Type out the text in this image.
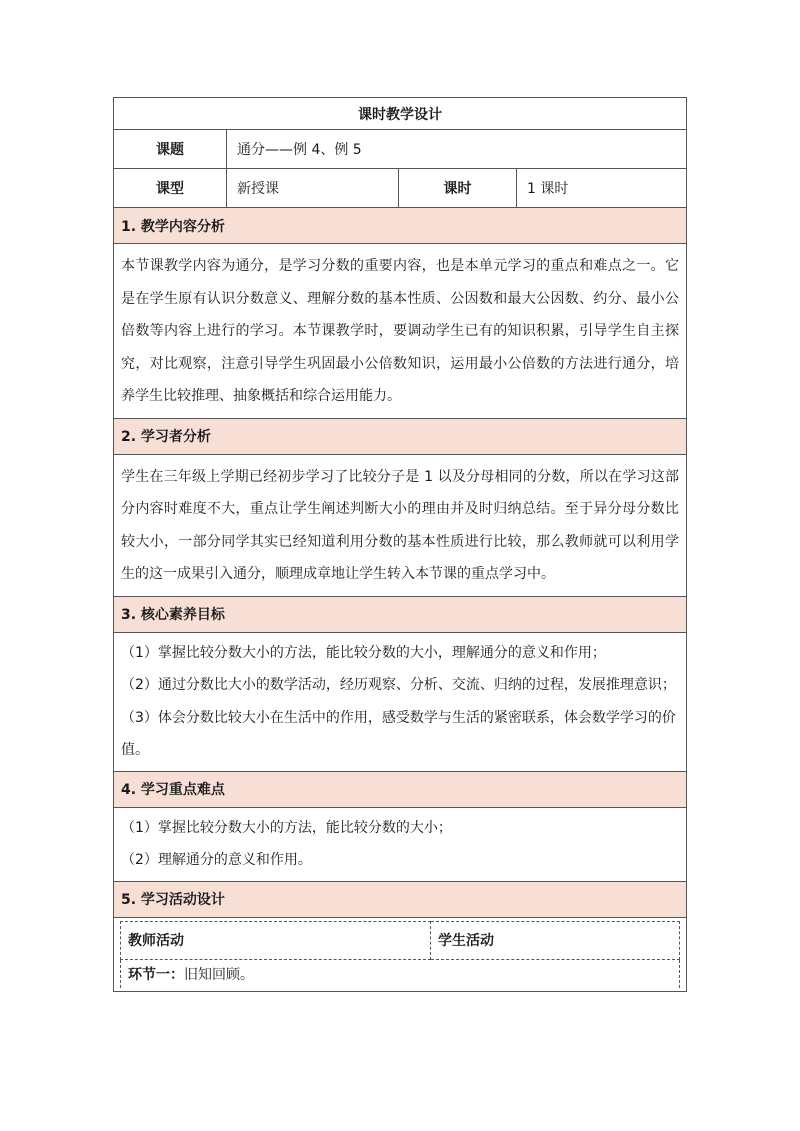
课时教学设计
课题	通分——例 4、例 5
课型	新授课	课时	1 课时
1. 教学内容分析

本节课教学内容为通分，是学习分数的重要内容，也是本单元学习的重点和难点之一。它是在学生原有认识分数意义、理解分数的基本性质、公因数和最大公因数、约分、最小公倍数等内容上进行的学习。本节课教学时，要调动学生已有的知识积累，引导学生自主探究，对比观察，注意引导学生巩固最小公倍数知识，运用最小公倍数的方法进行通分，培养学生比较推理、抽象概括和综合运用能力。

2. 学习者分析

学生在三年级上学期已经初步学习了比较分子是 1 以及分母相同的分数，所以在学习这部分内容时难度不大，重点让学生阐述判断大小的理由并及时归纳总结。至于异分母分数比较大小，一部分同学其实已经知道利用分数的基本性质进行比较，那么教师就可以利用学生的这一成果引入通分，顺理成章地让学生转入本节课的重点学习中。

3. 核心素养目标

（1）掌握比较分数大小的方法，能比较分数的大小，理解通分的意义和作用；

（2）通过分数比大小的数学活动，经历观察、分析、交流、归纳的过程，发展推理意识；

（3）体会分数比较大小在生活中的作用，感受数学与生活的紧密联系，体会数学学习的价值。

4. 学习重点难点

（1）掌握比较分数大小的方法，能比较分数的大小；

（2）理解通分的意义和作用。

5. 学习活动设计

教师活动	学生活动
环节一：旧知回顾。
